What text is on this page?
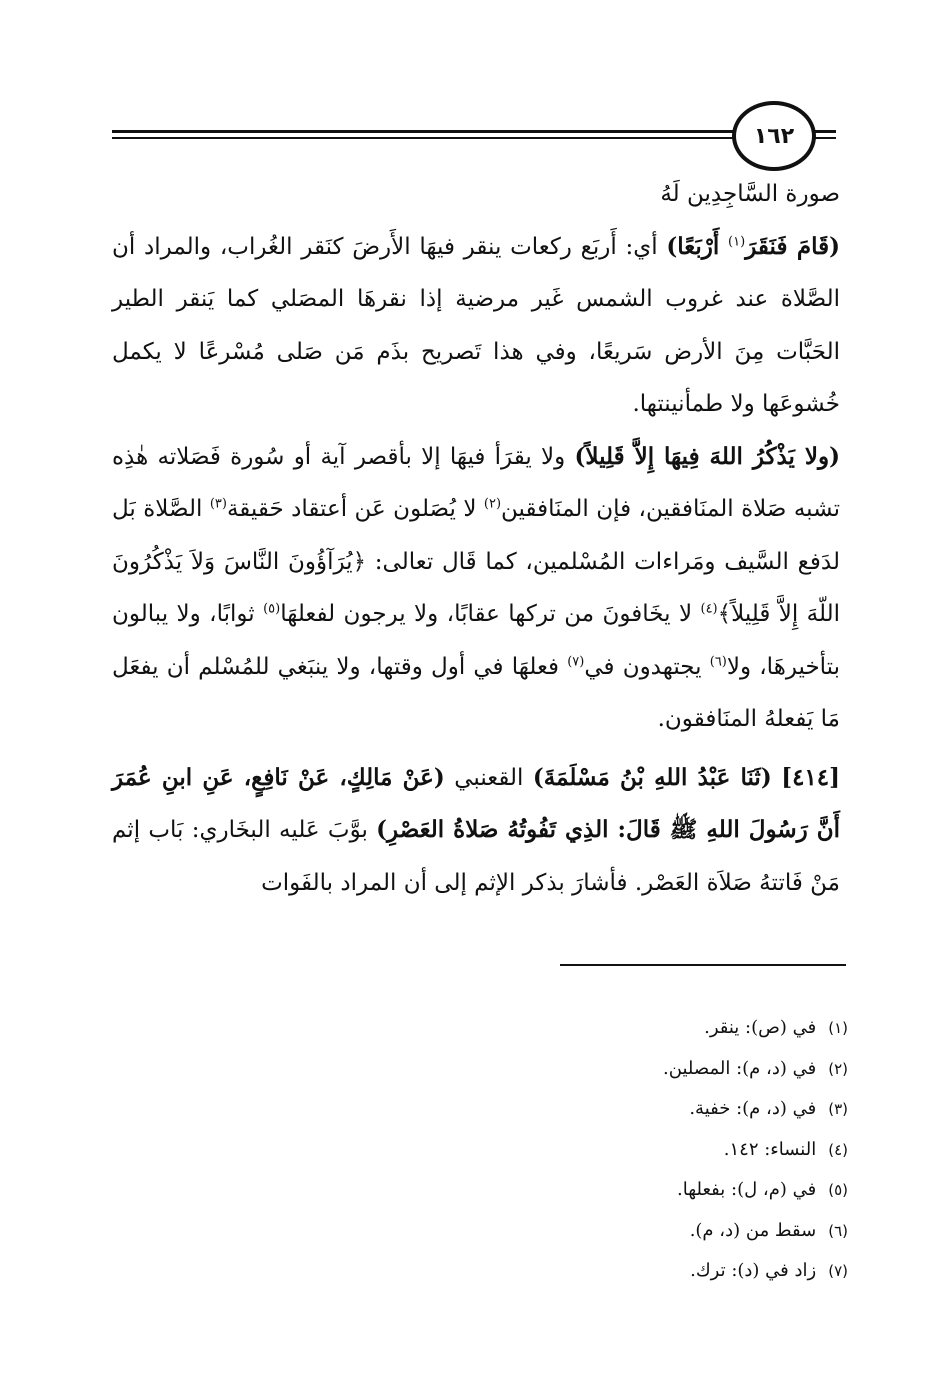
١٦٢

صورة السَّاجِدِين لَهُ

(قَامَ فَنَقَرَ$^{(١)}$ أَرْبَعًا) أي: أَربَع ركعات ينقر فيهَا الأَرضَ كنَقر الغُراب، والمراد أن الصَّلاة عند غروب الشمس غَير مرضية إذا نقرهَا المصَلي كما يَنقر الطير الحَبَّات مِنَ الأرض سَريعًا، وفي هذا تَصريح بذَم مَن صَلى مُسْرعًا لا يكمل خُشوعَها ولا طمأنينتها.

(ولا يَذْكُرُ اللهَ فِيهَا إِلاَّ قَلِيلاً) ولا يقرَأ فيهَا إلا بأقصر آية أو سُورة فَصَلاته هٰذِه تشبه صَلاة المنَافقين، فإن المنَافقين$^{(٢)}$ لا يُصَلون عَن أعتقاد حَقيقة$^{(٣)}$ الصَّلاة بَل لدَفع السَّيف ومَراءات المُسْلمين، كما قَال تعالى: ﴿يُرَآؤُونَ النَّاسَ وَلاَ يَذْكُرُونَ اللّهَ إِلاَّ قَلِيلاً﴾$^{(٤)}$ لا يخَافونَ من تركها عقابًا، ولا يرجون لفعلهَا$^{(٥)}$ ثوابًا، ولا يبالون بتأخيرهَا، ولا$^{(٦)}$ يجتهدون في$^{(٧)}$ فعلهَا في أول وقتها، ولا ينبَغي للمُسْلم أن يفعَل مَا يَفعلهُ المنَافقون.

[٤١٤] (ثَنَا عَبْدُ اللهِ بْنُ مَسْلَمَةَ) القعنبي (عَنْ مَالِكٍ، عَنْ نَافِعٍ، عَنِ ابنِ عُمَرَ أَنَّ رَسُولَ اللهِ ﷺ قَالَ: الذِي تَفُوتُهُ صَلاةُ العَصْرِ) بوَّبَ عَليه البخَاري: بَاب إثم مَنْ فَاتتهُ صَلاَة العَصْر. فأشارَ بذكر الإثم إلى أن المراد بالفَوات

(١)في (ص): ينقر.
(٢)في (د، م): المصلين.
(٣)في (د، م): خفية.
(٤)النساء: ١٤٢.
(٥)في (م، ل): بفعلها.
(٦)سقط من (د، م).
(٧)زاد في (د): ترك.
